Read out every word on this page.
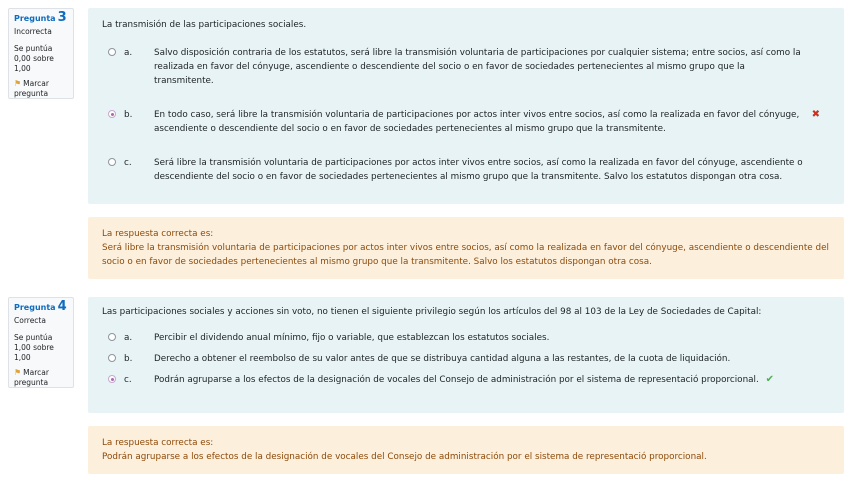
Pregunta 3
Incorrecta
Se puntúa 0,00 sobre 1,00
⚑ Marcar pregunta
La transmisión de las participaciones sociales.
a. Salvo disposición contraria de los estatutos, será libre la transmisión voluntaria de participaciones por cualquier sistema; entre socios, así como la realizada en favor del cónyuge, ascendiente o descendiente del socio o en favor de sociedades pertenecientes al mismo grupo que la transmitente.
b. En todo caso, será libre la transmisión voluntaria de participaciones por actos inter vivos entre socios, así como la realizada en favor del cónyuge, ascendiente o descendiente del socio o en favor de sociedades pertenecientes al mismo grupo que la transmitente.
✖
c.	Será libre la transmisión voluntaria de participaciones por actos inter vivos entre socios, así como la realizada en favor del cónyuge, ascendiente o descendiente del socio o en favor de sociedades pertenecientes al mismo grupo que la transmitente. Salvo los estatutos dispongan otra cosa.
La respuesta correcta es:
Será libre la transmisión voluntaria de participaciones por actos inter vivos entre socios, así como la realizada en favor del cónyuge, ascendiente o descendiente del socio o en favor de sociedades pertenecientes al mismo grupo que la transmitente. Salvo los estatutos dispongan otra cosa.
Pregunta 4
Correcta
Se puntúa 1,00 sobre 1,00
⚑ Marcar pregunta
Las participaciones sociales y acciones sin voto, no tienen el siguiente privilegio según los artículos del 98 al 103 de la Ley de Sociedades de Capital:
a. Percibir el dividendo anual mínimo, fijo o variable, que establezcan los estatutos sociales.
b. Derecho a obtener el reembolso de su valor antes de que se distribuya cantidad alguna a las restantes, de la cuota de liquidación.
c.	Podrán agruparse a los efectos de la designación de vocales del Consejo de administración por el sistema de representació proporcional. ✔
La respuesta correcta es:
Podrán agruparse a los efectos de la designación de vocales del Consejo de administración por el sistema de representació proporcional.
